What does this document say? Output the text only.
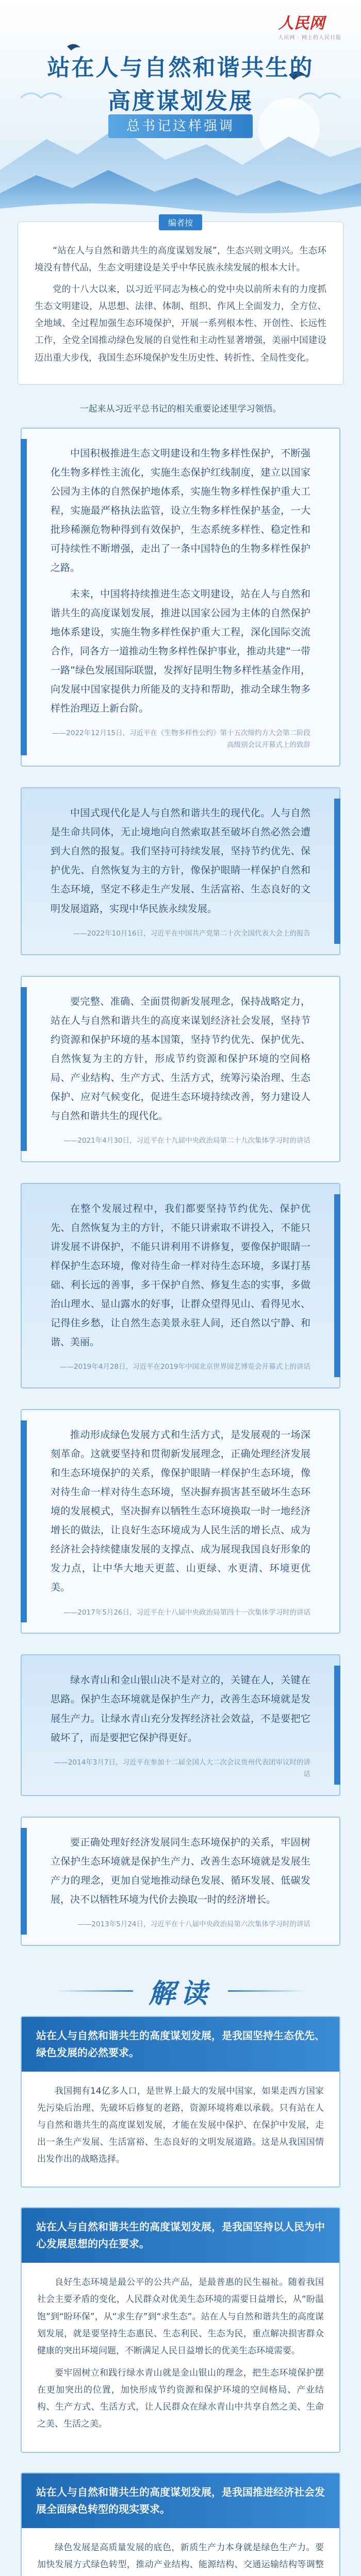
人民网
人民网 · 网上的人民日报
站在人与自然和谐共生的
高度谋划发展
总书记这样强调
编者按

“站在人与自然和谐共生的高度谋划发展”，生态兴则文明兴。生态环境没有替代品，生态文明建设是关乎中华民族永续发展的根本大计。

党的十八大以来，以习近平同志为核心的党中央以前所未有的力度抓生态文明建设，从思想、法律、体制、组织、作风上全面发力，全方位、全地域、全过程加强生态环境保护，开展一系列根本性、开创性、长远性工作，全党全国推动绿色发展的自觉性和主动性显著增强，美丽中国建设迈出重大步伐，我国生态环境保护发生历史性、转折性、全局性变化。

一起来从习近平总书记的相关重要论述里学习领悟。

中国积极推进生态文明建设和生物多样性保护，不断强化生物多样性主流化，实施生态保护红线制度，建立以国家公园为主体的自然保护地体系，实施生物多样性保护重大工程，实施最严格执法监管，设立生物多样性保护基金，一大批珍稀濒危物种得到有效保护，生态系统多样性、稳定性和可持续性不断增强，走出了一条中国特色的生物多样性保护之路。

未来，中国将持续推进生态文明建设，站在人与自然和谐共生的高度谋划发展，推进以国家公园为主体的自然保护地体系建设，实施生物多样性保护重大工程，深化国际交流合作，同各方一道推动生物多样性保护事业，推动共建“一带一路”绿色发展国际联盟，发挥好昆明生物多样性基金作用，向发展中国家提供力所能及的支持和帮助，推动全球生物多样性治理迈上新台阶。

——2022年12月15日，习近平在《生物多样性公约》第十五次缔约方大会第二阶段高级别会议开幕式上的致辞

中国式现代化是人与自然和谐共生的现代化。人与自然是生命共同体，无止境地向自然索取甚至破坏自然必然会遭到大自然的报复。我们坚持可持续发展，坚持节约优先、保护优先、自然恢复为主的方针，像保护眼睛一样保护自然和生态环境，坚定不移走生产发展、生活富裕、生态良好的文明发展道路，实现中华民族永续发展。

——2022年10月16日，习近平在中国共产党第二十次全国代表大会上的报告

要完整、准确、全面贯彻新发展理念，保持战略定力，站在人与自然和谐共生的高度来谋划经济社会发展，坚持节约资源和保护环境的基本国策，坚持节约优先、保护优先、自然恢复为主的方针，形成节约资源和保护环境的空间格局、产业结构、生产方式、生活方式，统筹污染治理、生态保护、应对气候变化，促进生态环境持续改善，努力建设人与自然和谐共生的现代化。

——2021年4月30日，习近平在十九届中央政治局第二十九次集体学习时的讲话

在整个发展过程中，我们都要坚持节约优先、保护优先、自然恢复为主的方针，不能只讲索取不讲投入，不能只讲发展不讲保护，不能只讲利用不讲修复，要像保护眼睛一样保护生态环境，像对待生命一样对待生态环境，多谋打基础、利长远的善事，多干保护自然、修复生态的实事，多做治山理水、显山露水的好事，让群众望得见山、看得见水、记得住乡愁，让自然生态美景永驻人间，还自然以宁静、和谐、美丽。

——2019年4月28日，习近平在2019年中国北京世界园艺博览会开幕式上的讲话

推动形成绿色发展方式和生活方式，是发展观的一场深刻革命。这就要坚持和贯彻新发展理念，正确处理经济发展和生态环境保护的关系，像保护眼睛一样保护生态环境，像对待生命一样对待生态环境，坚决摒弃损害甚至破坏生态环境的发展模式，坚决摒弃以牺牲生态环境换取一时一地经济增长的做法，让良好生态环境成为人民生活的增长点、成为经济社会持续健康发展的支撑点、成为展现我国良好形象的发力点，让中华大地天更蓝、山更绿、水更清、环境更优美。

——2017年5月26日，习近平在十八届中央政治局第四十一次集体学习时的讲话

绿水青山和金山银山决不是对立的，关键在人，关键在思路。保护生态环境就是保护生产力，改善生态环境就是发展生产力。让绿水青山充分发挥经济社会效益，不是要把它破坏了，而是要把它保护得更好。

——2014年3月7日，习近平在参加十二届全国人大二次会议贵州代表团审议时的讲话

要正确处理好经济发展同生态环境保护的关系，牢固树立保护生态环境就是保护生产力、改善生态环境就是发展生产力的理念，更加自觉地推动绿色发展、循环发展、低碳发展，决不以牺牲环境为代价去换取一时的经济增长。

——2013年5月24日，习近平在十八届中央政治局第六次集体学习时的讲话

解读
站在人与自然和谐共生的高度谋划发展，是我国坚持生态优先、绿色发展的必然要求。

我国拥有14亿多人口，是世界上最大的发展中国家，如果走西方国家先污染后治理、先破坏后修复的老路，资源环境将难以承载。只有站在人与自然和谐共生的高度谋划发展，才能在发展中保护、在保护中发展，走出一条生产发展、生活富裕、生态良好的文明发展道路。这是从我国国情出发作出的战略选择。

站在人与自然和谐共生的高度谋划发展，是我国坚持以人民为中心发展思想的内在要求。

良好生态环境是最公平的公共产品，是最普惠的民生福祉。随着我国社会主要矛盾的变化，人民群众对优美生态环境的需要日益增长，从“盼温饱”到“盼环保”，从“求生存”到“求生态”。站在人与自然和谐共生的高度谋划发展，就是要坚持生态惠民、生态利民、生态为民，重点解决损害群众健康的突出环境问题，不断满足人民日益增长的优美生态环境需要。

要牢固树立和践行绿水青山就是金山银山的理念，把生态环境保护摆在更加突出的位置，加快形成节约资源和保护环境的空间格局、产业结构、生产方式、生活方式，让人民群众在绿水青山中共享自然之美、生命之美、生活之美。

站在人与自然和谐共生的高度谋划发展，是我国推进经济社会发展全面绿色转型的现实要求。

绿色发展是高质量发展的底色，新质生产力本身就是绿色生产力。要加快发展方式绿色转型，推动产业结构、能源结构、交通运输结构等调整
